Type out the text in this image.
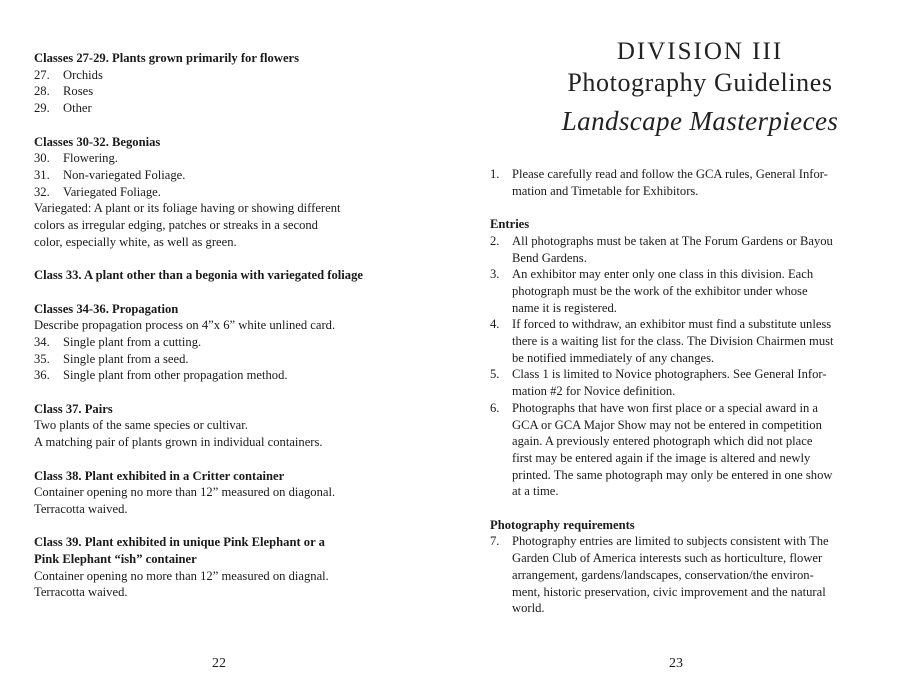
Classes 27-29. Plants grown primarily for flowers
27. Orchids
28. Roses
29. Other
Classes 30-32. Begonias
30. Flowering.
31. Non-variegated Foliage.
32. Variegated Foliage.
Variegated: A plant or its foliage having or showing different
colors as irregular edging, patches or streaks in a second
color, especially white, as well as green.
Class 33. A plant other than a begonia with variegated foliage
Classes 34-36. Propagation
Describe propagation process on 4”x 6” white unlined card.
34. Single plant from a cutting.
35. Single plant from a seed.
36. Single plant from other propagation method.
Class 37. Pairs
Two plants of the same species or cultivar.
A matching pair of plants grown in individual containers.
Class 38. Plant exhibited in a Critter container
Container opening no more than 12” measured on diagonal.
Terracotta waived.
Class 39. Plant exhibited in unique Pink Elephant or a
Pink Elephant “ish” container
Container opening no more than 12” measured on diagnal.
Terracotta waived.
22
DIVISION III
Photography Guidelines
Landscape Masterpieces
1. Please carefully read and follow the GCA rules, General Infor-
mation and Timetable for Exhibitors.
Entries
2. All photographs must be taken at The Forum Gardens or Bayou
Bend Gardens.
3. An exhibitor may enter only one class in this division. Each
photograph must be the work of the exhibitor under whose
name it is registered.
4. If forced to withdraw, an exhibitor must find a substitute unless
there is a waiting list for the class. The Division Chairmen must
be notified immediately of any changes.
5. Class 1 is limited to Novice photographers. See General Infor-
mation #2 for Novice definition.
6. Photographs that have won first place or a special award in a
GCA or GCA Major Show may not be entered in competition
again. A previously entered photograph which did not place
first may be entered again if the image is altered and newly
printed. The same photograph may only be entered in one show
at a time.
Photography requirements
7. Photography entries are limited to subjects consistent with The
Garden Club of America interests such as horticulture, flower
arrangement, gardens/landscapes, conservation/the environ-
ment, historic preservation, civic improvement and the natural
world.
23
